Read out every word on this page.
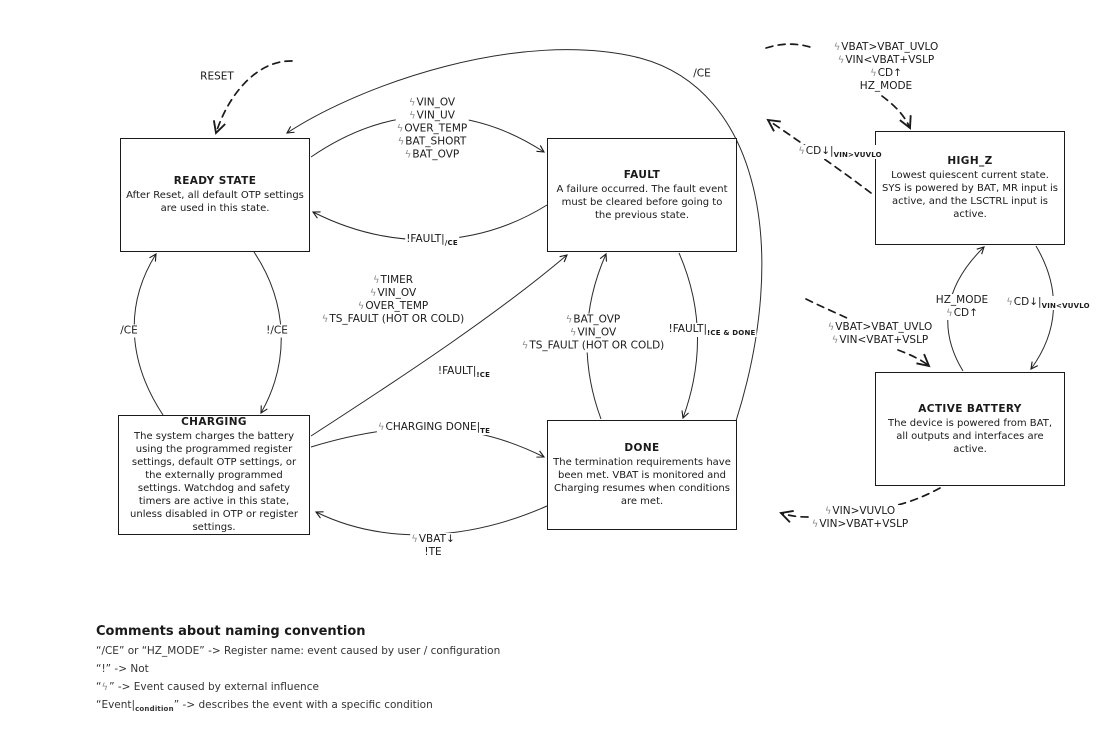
READY STATE
After Reset, all default OTP settings are used in this state.
FAULT
A failure occurred. The fault event must be cleared before going to the previous state.
HIGH_Z
Lowest quiescent current state. SYS is powered by BAT, MR input is active, and the LSCTRL input is active.
CHARGING
The system charges the battery using the programmed register settings, default OTP settings, or the externally programmed settings. Watchdog and safety timers are active in this state, unless disabled in OTP or register settings.
DONE
The termination requirements have been met. VBAT is monitored and Charging resumes when conditions are met.
ACTIVE BATTERY
The device is powered from BAT, all outputs and interfaces are active.
RESET	/CE
ϟVIN_OV
ϟVIN_UV
ϟOVER_TEMP
ϟBAT_SHORT
ϟBAT_OVP
$!FAULT|_{/CE}$
/CE	!/CE
ϟTIMER
ϟVIN_OV
ϟOVER_TEMP
ϟTS_FAULT (HOT OR COLD)	ϟBAT_OVP
ϟVIN_OV
ϟTS_FAULT (HOT OR COLD)
$!FAULT|_{!CE \& DONE}$
$!FAULT|_{!CE}$
ϟCHARGING $DONE|_{TE}$
ϟVBAT↓
!TE
ϟVBAT>VBAT_UVLO
ϟVIN<VBAT+VSLP
ϟCD↑
HZ_MODE
$ϟCD↓|_{VIN>VUVLO}$
HZ_MODE
ϟCD↑
$ϟCD↓|_{VIN<VUVLO}$
ϟVBAT>VBAT_UVLO
ϟVIN<VBAT+VSLP
ϟVIN>VUVLO
ϟVIN>VBAT+VSLP
Comments about naming convention
“/CE” or “HZ_MODE” -> Register name: event caused by user / configuration
“!” -> Not
“ϟ” -> Event caused by external influence
“$Event|_{condition}$” -> describes the event with a specific condition
